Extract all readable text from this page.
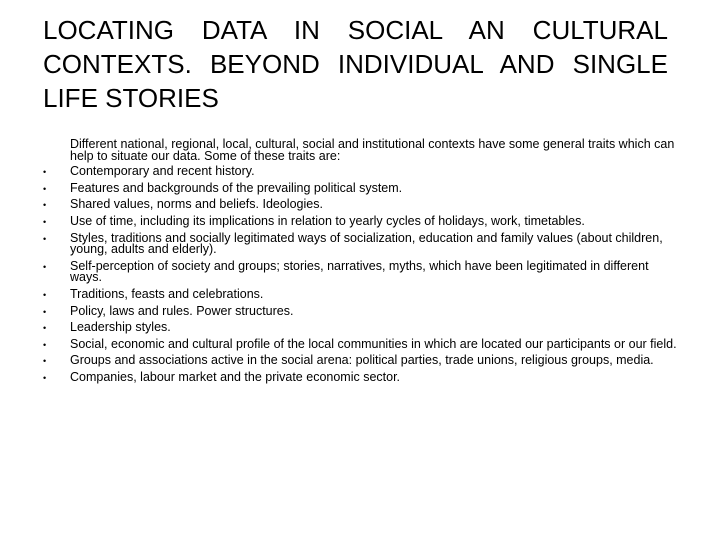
LOCATING DATA IN SOCIAL AN CULTURAL CONTEXTS. BEYOND INDIVIDUAL AND SINGLE LIFE STORIES

Different national, regional, local, cultural, social and institutional contexts have some general traits which can help to situate our data. Some of these traits are:

•	Contemporary and recent history.
•	Features and backgrounds of the prevailing political system.
•	Shared values, norms and beliefs. Ideologies.
•	Use of time, including its implications in relation to yearly cycles of holidays, work, timetables.
•	Styles, traditions and socially legitimated ways of socialization, education and family values (about children, young, adults and elderly).
•	Self-perception of society and groups; stories, narratives, myths, which have been legitimated in different ways.
•	Traditions, feasts and celebrations.
•	Policy, laws and rules. Power structures.
•	Leadership styles.
•	Social, economic and cultural profile of the local communities in which are located our participants or our field.
•	Groups and associations active in the social arena: political parties, trade unions, religious groups, media.
•	Companies, labour market and the private economic sector.
